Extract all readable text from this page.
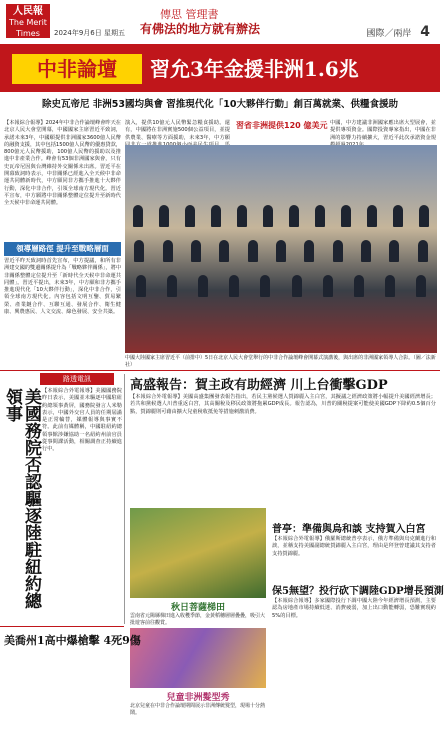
人民報
The Merit Times	2024年9月6日 星期五
傳思 管理書
有佛法的地方就有辦法	國際／兩岸 4
中非論壇	習允3年金援非洲1.6兆
除史瓦帝尼 非洲53國均與會 習推現代化「10大夥伴行動」創百萬就業、供糧食援助
【本報綜合報導】2024年中非合作論壇峰會昨天在北京人民大會堂開幕，中國國家主席習近平致詞，承諾未來3年，中國願提供非洲國家3600億人民幣的融資支援，其中包括1500億人民幣的優惠貸款，800億元人民幣援助，100億人民幣的援助以及推進中非產業合作。峰會有53個非洲國家與會，只有史瓦帝尼因與台灣維持外交關係未出席。習近平在開幕致詞時表示，中非關係已經進入全天候中非命運共同體新時代，中方願同非方攜手推進十大夥伴行動，深化中非合作，引領全球南方現代化。習近平宣布，中方願將中非關係整體定位提升至新時代全天候中非命運共同體。
領導層路徑 提升至戰略層面
習近平昨天致詞時首先宣布，中方提議，和所有非洲建交國的雙邊關係提升為「戰略夥伴關係」，將中非關係整體定位提升至「新時代全天候中非命運共同體」。習近平提出，未來3年，中方願和非方攜手推進現代化「10大夥伴行動」，深化中非合作，引領全球南方現代化。內容包括文明互鑒、貿易繁榮、產業鏈合作、互聯互通、發展合作、衛生健康、興農惠民、人文交流、綠色發展、安全共築。
演入，提供10億元人民幣緊急糧食援助。還有，中國將在非洲實施500個公益項目，並提供農業、醫療等方面援助，未來3年，中方願
習省非洲提供120 億美元 中國，中方建議非洲國家應出席大型展會，並提供專項資金。國際投資專家指出，中國在非洲的影響力持續擴大，習近平此次承諾資金規
中國大陸國家主席習近平（前排中）5日在北京人民大會堂舉行的中非合作論壇峰會開幕式演講後，與出席的非洲國家領導人合影。（圖／法新社）
路透電訊
美國務院否認驅逐陸駐紐約總領事	【本報綜合外電報導】美國國務院昨日表示，美國並未驅逐中國駐紐約總領事黃屏，國務院發言人米勒表示，中國外交官人員的任期屆滿是正常輪替，媒體報導與事實不符。此前有媒體稱，中國駐紐約總領事館涉嫌協助一名紐約州前官員從事間諜活動，相關調查正持續進行中。
高盛報告：賀主政有助經濟 川上台衝擊GDP
【本報綜合外電報導】美國高盛集團發表報告指出，若民主黨候選人賀錦麗入主白宮，其擬議之經濟政策將小幅提升美國經濟增長；若共和黨候選人川普重返白宮，其高關稅及移民政策將拖累GDP成長。報告認為，川普的關稅提案可能使美國GDP下降約0.5個百分點，賀錦麗則可藉由擴大兒童稅收抵免等措施刺激消費。
普亭：準備與烏和談 支持賀入白宮
【本報綜合外電報導】俄羅斯總統普亭表示，俄方準備與烏克蘭進行和談，並稱支持美國副總統賀錦麗入主白宮，理由是拜登曾建議其支持者支持賀錦麗。
秋日菩薩梯田
雲南省元陽縣梯田進入收穫季節，金黃稻穗層層疊疊，吸引大批遊客前往觀賞。
保5無望？投行砍下調陸GDP增長預測
【本報綜合報導】多家國際投行下調中國大陸今年經濟增長預測，主要認為房地產市場持續低迷、消費疲弱，加上出口動能轉弱，恐難實現約5%的目標。
兒童非洲髮型秀
北京兒童在中非合作論壇期間展示非洲傳統髮型，現場十分熱鬧。
美喬州1高中爆槍擊 4死9傷
